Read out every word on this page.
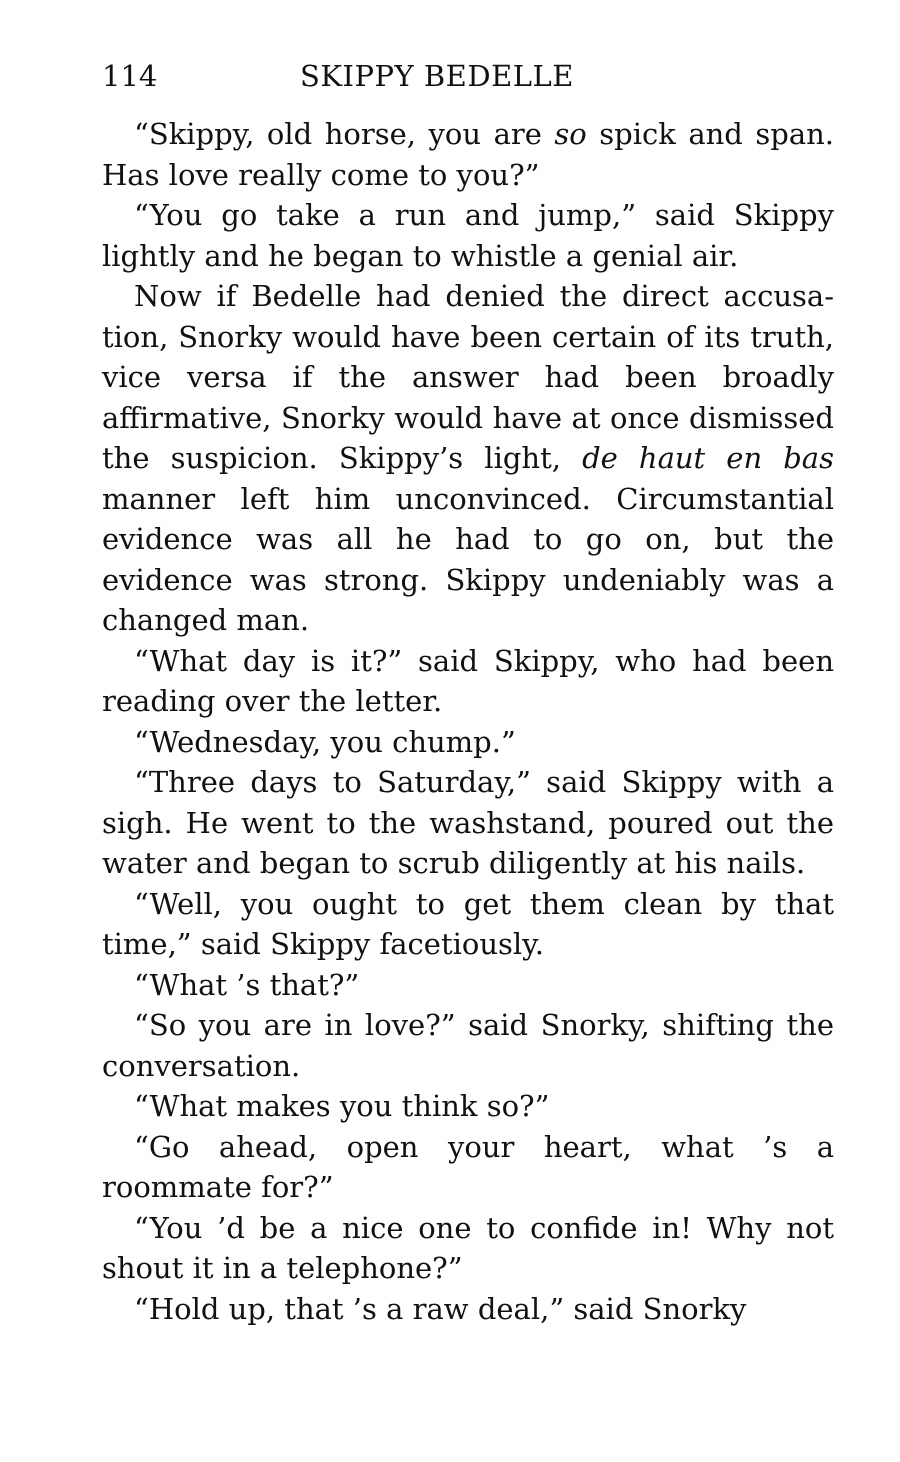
114	SKIPPY BEDELLE

“Skippy, old horse, you are so spick and span. Has love really come to you?”

“You go take a run and jump,” said Skippy lightly and he began to whistle a genial air.

Now if Bedelle had denied the direct accusation, Snorky would have been certain of its truth, vice versa if the answer had been broadly affirmative, Snorky would have at once dismissed the suspicion. Skippy’s light, de haut en bas manner left him unconvinced. Circumstantial evidence was all he had to go on, but the evidence was strong. Skippy undeniably was a changed man.

“What day is it?” said Skippy, who had been reading over the letter.

“Wednesday, you chump.”

“Three days to Saturday,” said Skippy with a sigh. He went to the washstand, poured out the water and began to scrub diligently at his nails.

“Well, you ought to get them clean by that time,” said Skippy facetiously.

“What ’s that?”

“So you are in love?” said Snorky, shifting the conversation.

“What makes you think so?”

“Go ahead, open your heart, what ’s a roommate for?”

“You ’d be a nice one to confide in! Why not shout it in a telephone?”

“Hold up, that ’s a raw deal,” said Snorky
